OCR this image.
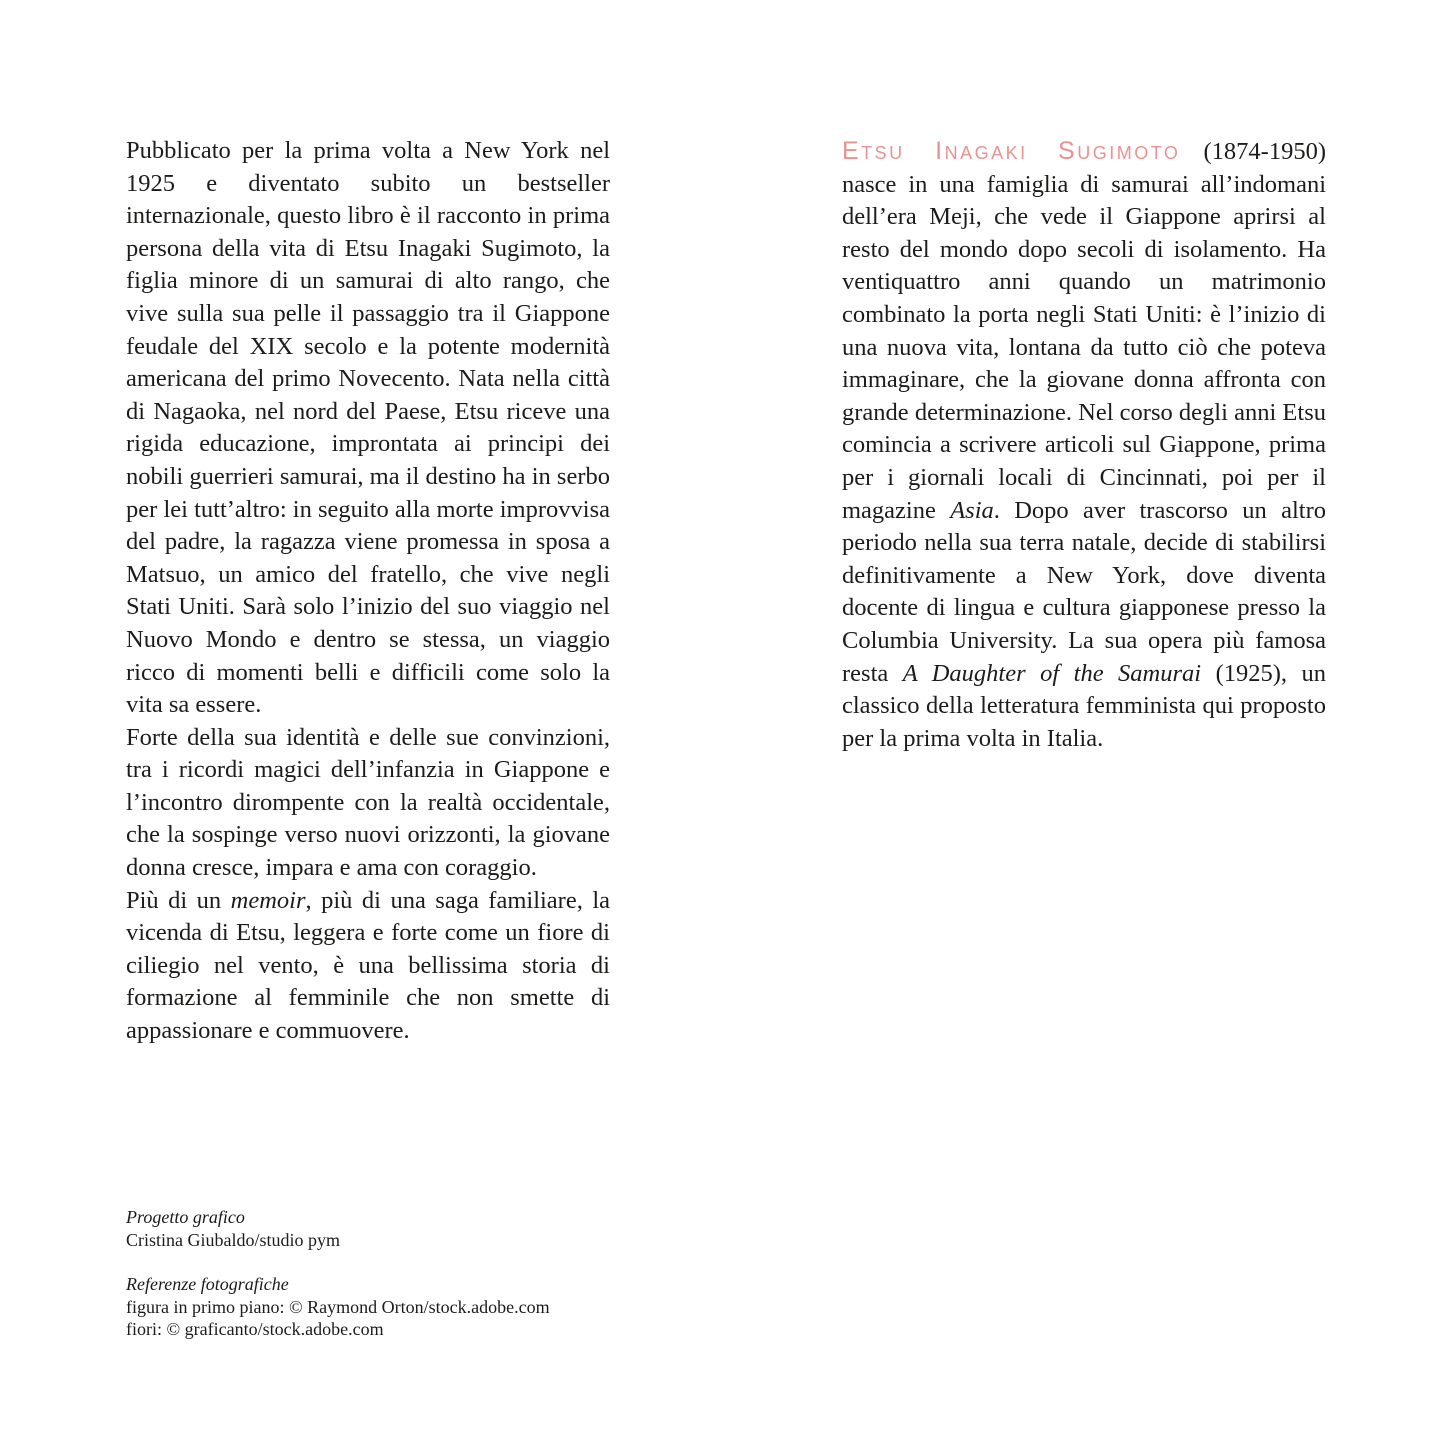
Pubblicato per la prima volta a New York nel 1925 e diventato subito un bestseller internazionale, questo libro è il racconto in prima persona della vita di Etsu Inagaki Sugimoto, la figlia minore di un samurai di alto rango, che vive sulla sua pelle il passaggio tra il Giappone feudale del XIX secolo e la potente modernità americana del primo Novecento. Nata nella città di Nagaoka, nel nord del Paese, Etsu riceve una rigida educazione, improntata ai principi dei nobili guerrieri samurai, ma il destino ha in serbo per lei tutt’altro: in seguito alla morte improvvisa del padre, la ragazza viene promessa in sposa a Matsuo, un amico del fratello, che vive negli Stati Uniti. Sarà solo l’inizio del suo viaggio nel Nuovo Mondo e dentro se stessa, un viaggio ricco di momenti belli e difficili come solo la vita sa essere.

Forte della sua identità e delle sue convinzioni, tra i ricordi magici dell’infanzia in Giappone e l’incontro dirompente con la realtà occidentale, che la sospinge verso nuovi orizzonti, la giovane donna cresce, impara e ama con coraggio.

Più di un memoir, più di una saga familiare, la vicenda di Etsu, leggera e forte come un fiore di ciliegio nel vento, è una bellissima storia di formazione al femminile che non smette di appassionare e commuovere.

Etsu Inagaki Sugimoto (1874-1950) nasce in una famiglia di samurai all’indomani dell’era Meji, che vede il Giappone aprirsi al resto del mondo dopo secoli di isolamento. Ha ventiquattro anni quando un matrimonio combinato la porta negli Stati Uniti: è l’inizio di una nuova vita, lontana da tutto ciò che poteva immaginare, che la giovane donna affronta con grande determinazione. Nel corso degli anni Etsu comincia a scrivere articoli sul Giappone, prima per i giornali locali di Cincinnati, poi per il magazine Asia. Dopo aver trascorso un altro periodo nella sua terra natale, decide di stabilirsi definitivamente a New York, dove diventa docente di lingua e cultura giapponese presso la Columbia University. La sua opera più famosa resta A Daughter of the Samurai (1925), un classico della letteratura femminista qui proposto per la prima volta in Italia.

Progetto grafico

Cristina Giubaldo/studio pym

Referenze fotografiche

figura in primo piano: © Raymond Orton/stock.adobe.com

fiori: © graficanto/stock.adobe.com
